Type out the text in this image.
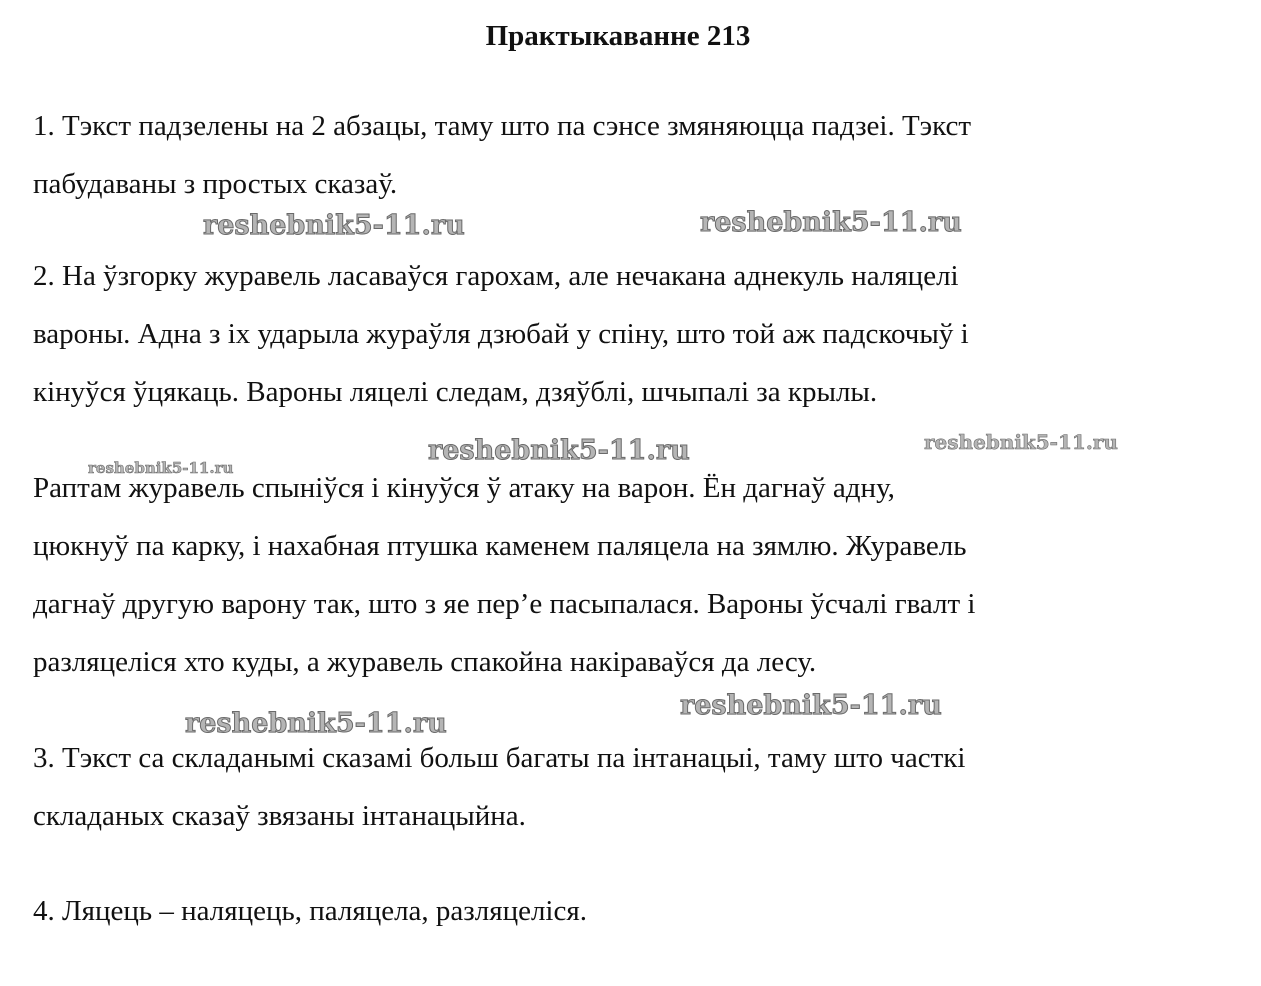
Практыкаванне 213
1. Тэкст падзелены на 2 абзацы, таму што па сэнсе змяняюцца падзеі. Тэкст
пабудаваны з простых сказаў.
2. На ўзгорку журавель ласаваўся гарохам, але нечакана аднекуль наляцелі
вароны. Адна з іх ударыла жураўля дзюбай у спіну, што той аж падскочыў і
кінуўся ўцякаць. Вароны ляцелі следам, дзяўблі, шчыпалі за крылы.
Раптам журавель спыніўся і кінуўся ў атаку на варон. Ён дагнаў адну,
цюкнуў па карку, і нахабная птушка каменем паляцела на зямлю. Журавель
дагнаў другую варону так, што з яе пер’е пасыпалася. Вароны ўсчалі гвалт і
разляцеліся хто куды, а журавель спакойна накіраваўся да лесу.
3. Тэкст са складанымі сказамі больш багаты па інтанацыі, таму што часткі
складаных сказаў звязаны інтанацыйна.
4. Ляцець – наляцець, паляцела, разляцеліся.
reshebnik5-11.ru	reshebnik5-11.ru
reshebnik5-11.ru	reshebnik5-11.ru
reshebnik5-11.ru
reshebnik5-11.ru
reshebnik5-11.ru
